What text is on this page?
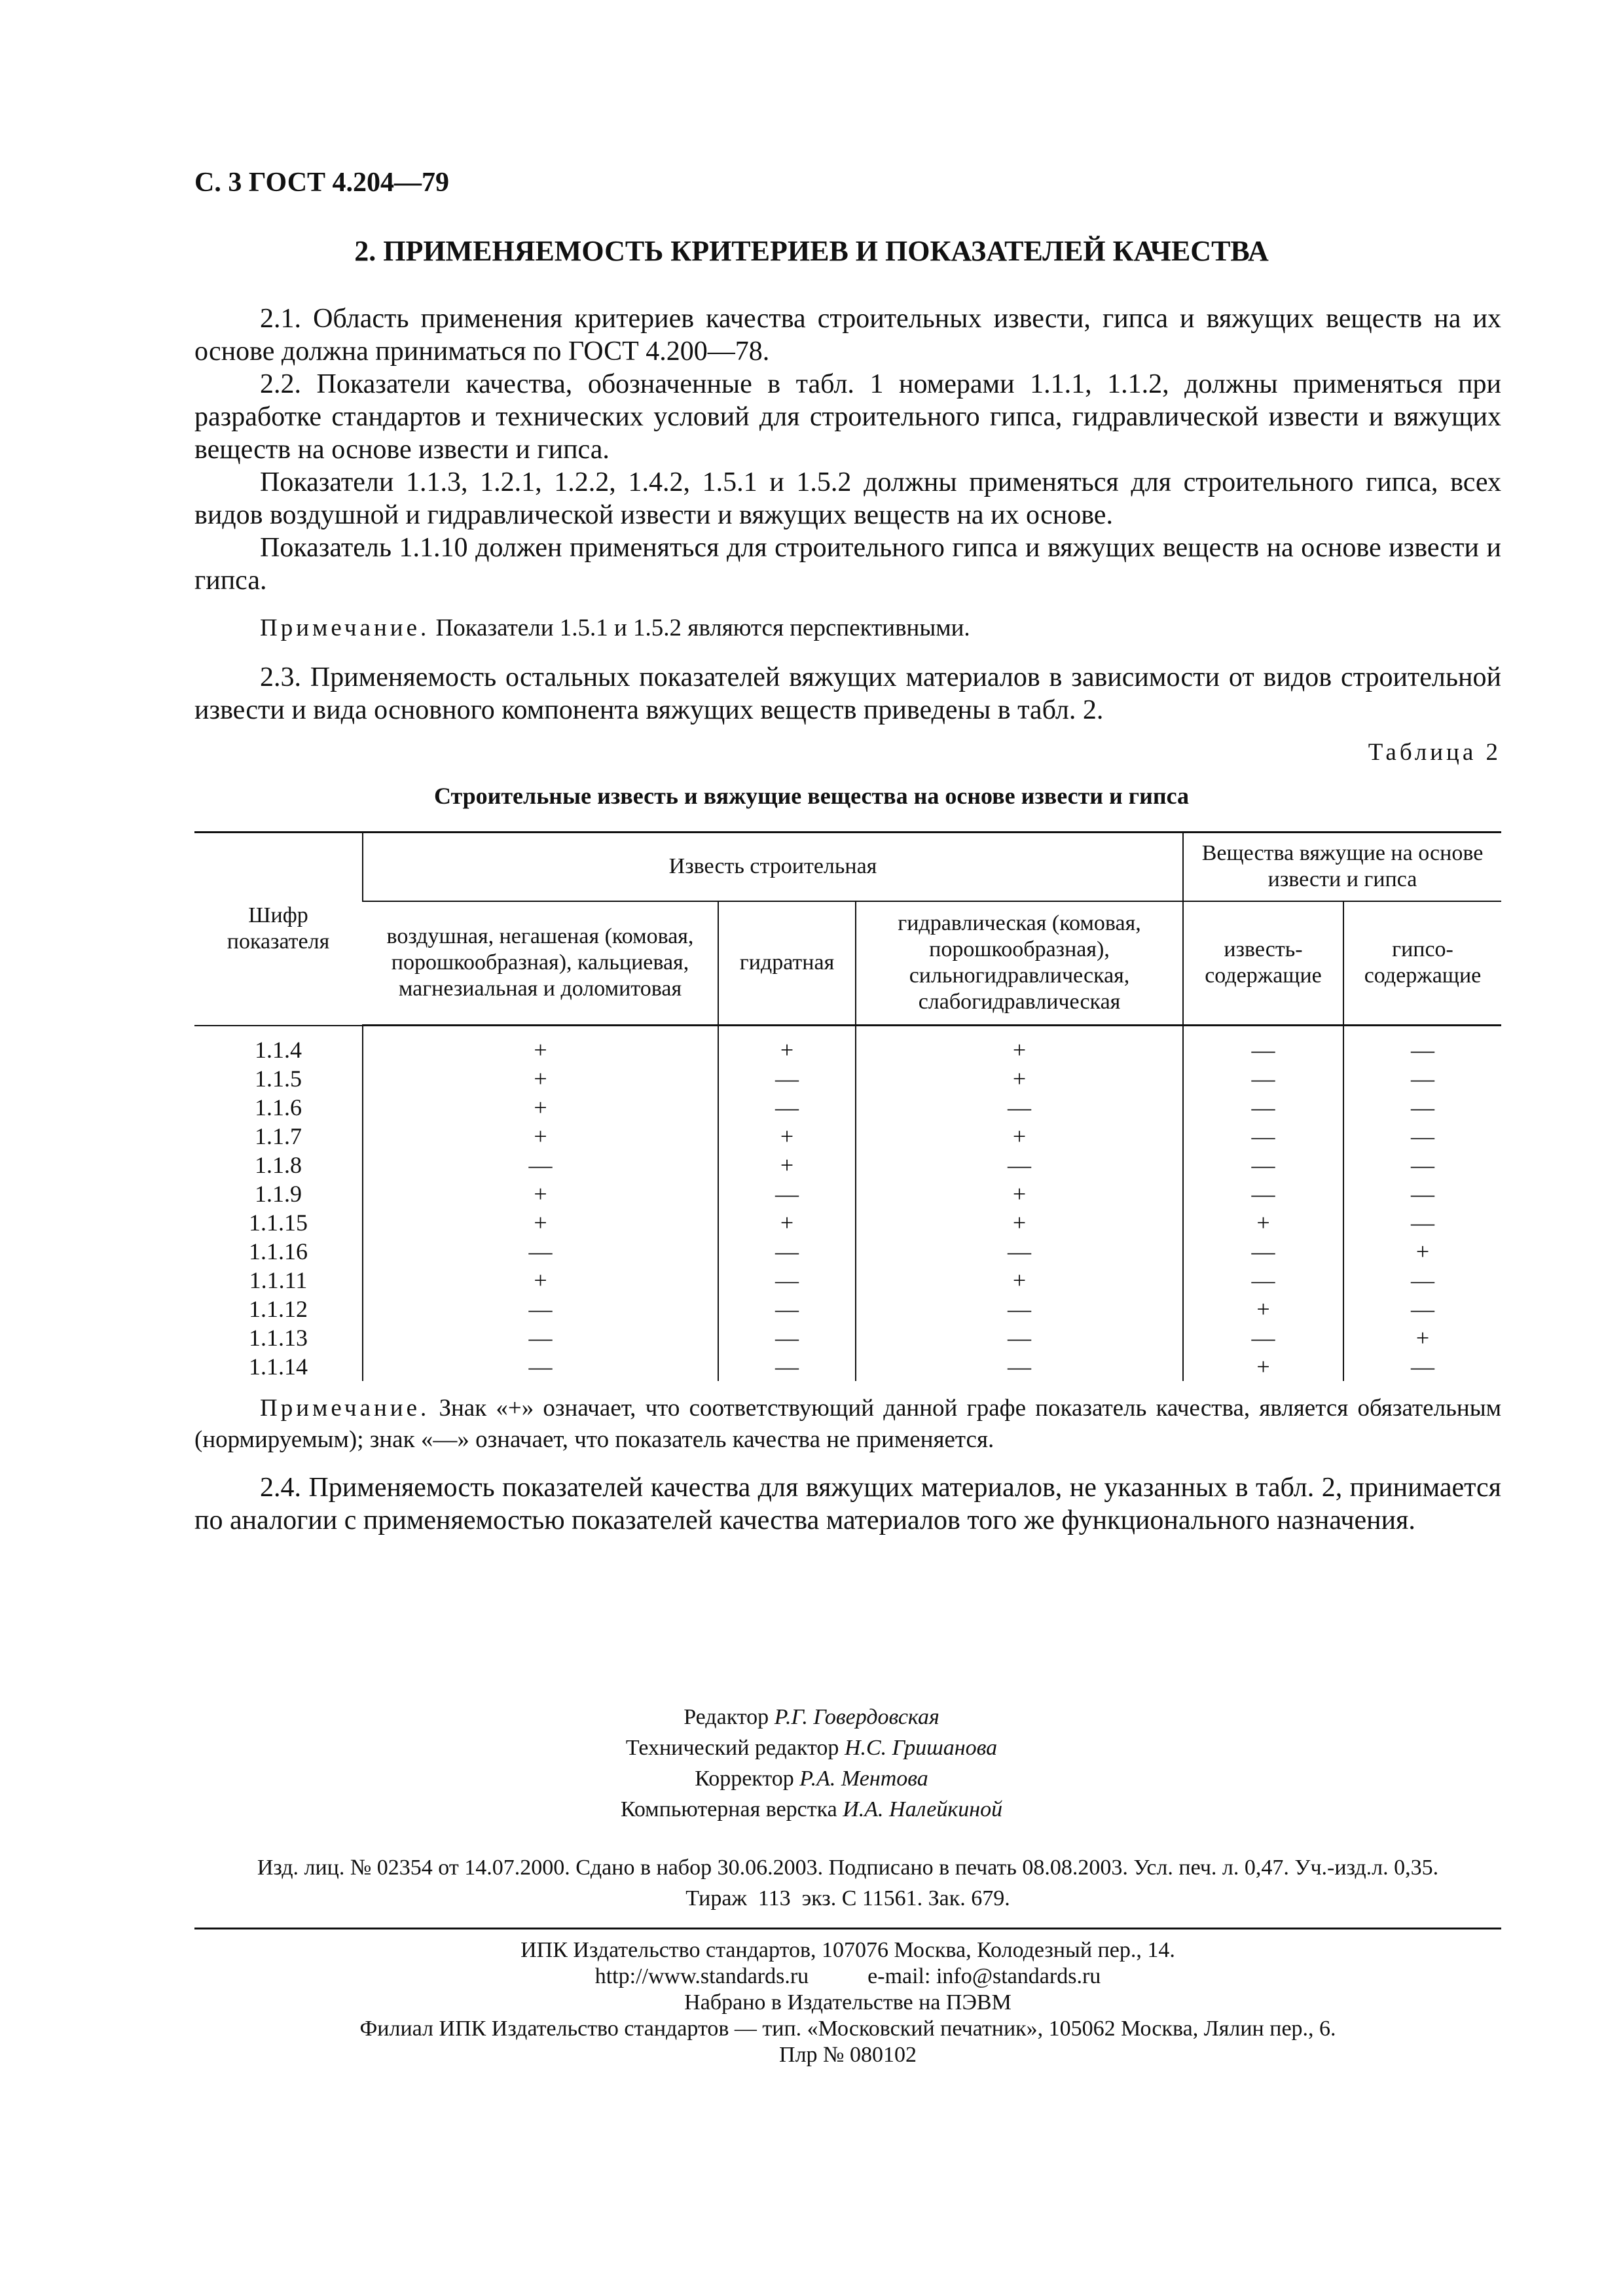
С. 3 ГОСТ 4.204—79
2. ПРИМЕНЯЕМОСТЬ КРИТЕРИЕВ И ПОКАЗАТЕЛЕЙ КАЧЕСТВА

2.1. Область применения критериев качества строительных извести, гипса и вяжущих веществ на их основе должна приниматься по ГОСТ 4.200—78.

2.2. Показатели качества, обозначенные в табл. 1 номерами 1.1.1, 1.1.2, должны применяться при разработке стандартов и технических условий для строительного гипса, гидравлической извести и вяжущих веществ на основе извести и гипса.

Показатели 1.1.3, 1.2.1, 1.2.2, 1.4.2, 1.5.1 и 1.5.2 должны применяться для строительного гипса, всех видов воздушной и гидравлической извести и вяжущих веществ на их основе.

Показатель 1.1.10 должен применяться для строительного гипса и вяжущих веществ на основе извести и гипса.

Примечание. Показатели 1.5.1 и 1.5.2 являются перспективными.

2.3. Применяемость остальных показателей вяжущих материалов в зависимости от видов строительной извести и вида основного компонента вяжущих веществ приведены в табл. 2.

Таблица 2
Строительные известь и вяжущие вещества на основе извести и гипса
Шифр показателя	Известь строительная			Вещества вяжущие на основе извести и гипса	
	воздушная, негашеная (комовая, порошкообразная), кальциевая, магнезиальная и доломитовая	гидратная	гидравлическая (комовая, порошкообразная), сильногидравлическая, слабогидравлическая	известь-содержащие	гипсо-содержащие
1.1.4	+	+	+	—	—
1.1.5	+	—	+	—	—
1.1.6	+	—	—	—	—
1.1.7	+	+	+	—	—
1.1.8	—	+	—	—	—
1.1.9	+	—	+	—	—
1.1.15	+	+	+	+	—
1.1.16	—	—	—	—	+
1.1.11	+	—	+	—	—
1.1.12	—	—	—	+	—
1.1.13	—	—	—	—	+
1.1.14	—	—	—	+	—

Примечание. Знак «+» означает, что соответствующий данной графе показатель качества, является обязательным (нормируемым); знак «—» означает, что показатель качества не применяется.

2.4. Применяемость показателей качества для вяжущих материалов, не указанных в табл. 2, принимается по аналогии с применяемостью показателей качества материалов того же функционального назначения.

Редактор Р.Г. Говердовская
Технический редактор Н.С. Гришанова
Корректор Р.А. Ментова
Компьютерная верстка И.А. Налейкиной
Изд. лиц. № 02354 от 14.07.2000. Сдано в набор 30.06.2003. Подписано в печать 08.08.2003. Усл. печ. л. 0,47. Уч.-изд.л. 0,35.
Тираж  113  экз. С 11561. Зак. 679.
ИПК Издательство стандартов, 107076 Москва, Колодезный пер., 14.
http://www.standards.ru	e-mail: info@standards.ru
Набрано в Издательстве на ПЭВМ
Филиал ИПК Издательство стандартов — тип. «Московский печатник», 105062 Москва, Лялин пер., 6.
Плр № 080102
